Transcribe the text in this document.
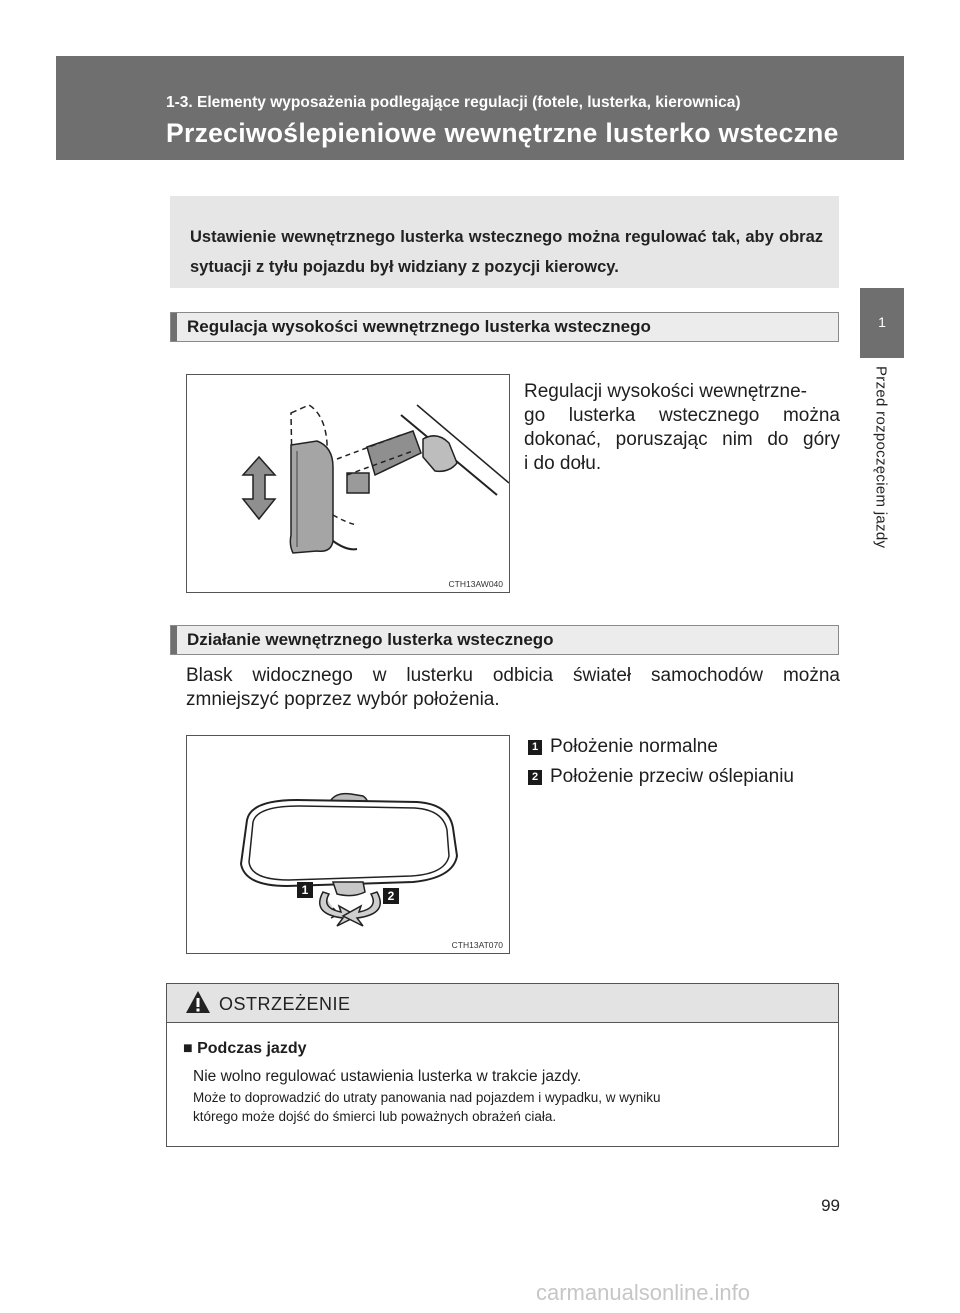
1-3. Elementy wyposażenia podlegające regulacji (fotele, lusterka, kierownica)
Przeciwoślepieniowe wewnętrzne lusterko wsteczne
1
Przed rozpoczęciem jazdy

Ustawienie wewnętrznego lusterka wstecznego można regulować tak, aby obraz sytuacji z tyłu pojazdu był widziany z pozycji kierowcy.

Regulacja wysokości wewnętrznego lusterka wstecznego
CTH13AW040
Regulacji wysokości wewnętrzne-
go lusterka wstecznego można
dokonać, poruszając nim do góry
i do dołu.
Działanie wewnętrznego lusterka wstecznego
Blask widocznego w lusterku odbicia świateł samochodów można
zmniejszyć poprzez wybór położenia.
1	2
CTH13AT070
1 Położenie normalne
2 Położenie przeciw oślepianiu
OSTRZEŻENIE
■ Podczas jazdy
Nie wolno regulować ustawienia lusterka w trakcie jazdy.
Może to doprowadzić do utraty panowania nad pojazdem i wypadku, w wyniku
którego może dojść do śmierci lub poważnych obrażeń ciała.
99
carmanualsonline.info
